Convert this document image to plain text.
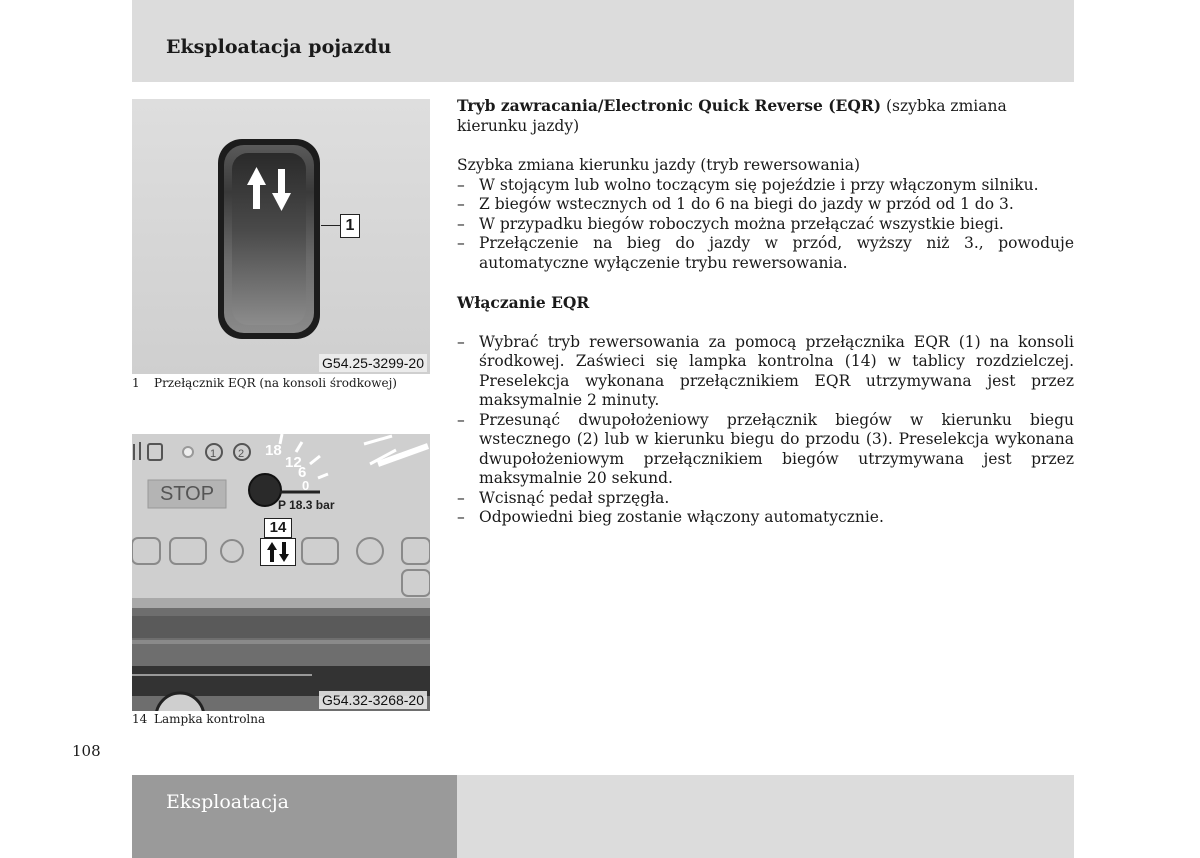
Eksploatacja pojazdu
1
G54.25-3299-20
1 Przełącznik EQR (na konsoli środkowej)
1 2
STOP
18
12
6
0
P 18.3 bar
14
G54.32-3268-20
14 Lampka kontrolna

Tryb zawracania/Electronic Quick Reverse (EQR) (szybka zmiana kierunku jazdy)

Szybka zmiana kierunku jazdy (tryb rewersowania)

– W stojącym lub wolno toczącym się pojeździe i przy włączonym silniku.
– Z biegów wstecznych od 1 do 6 na biegi do jazdy w przód od 1 do 3.
– W przypadku biegów roboczych można przełączać wszystkie biegi.
– Przełączenie na bieg do jazdy w przód, wyższy niż 3., powoduje automatyczne wyłączenie trybu rewersowania.

Włączanie EQR

– Wybrać tryb rewersowania za pomocą przełącznika EQR (1) na konsoli środkowej. Zaświeci się lampka kontrolna (14) w tablicy rozdzielczej. Preselekcja wykonana przełącznikiem EQR utrzymywana jest przez maksymalnie 2 minuty.
– Przesunąć dwupołożeniowy przełącznik biegów w kierunku biegu wstecznego (2) lub w kierunku biegu do przodu (3). Preselekcja wykonana dwupołożeniowym przełącznikiem biegów utrzymywana jest przez maksymalnie 20 sekund.
– Wcisnąć pedał sprzęgła.
– Odpowiedni bieg zostanie włączony automatycznie.
108
Eksploatacja
